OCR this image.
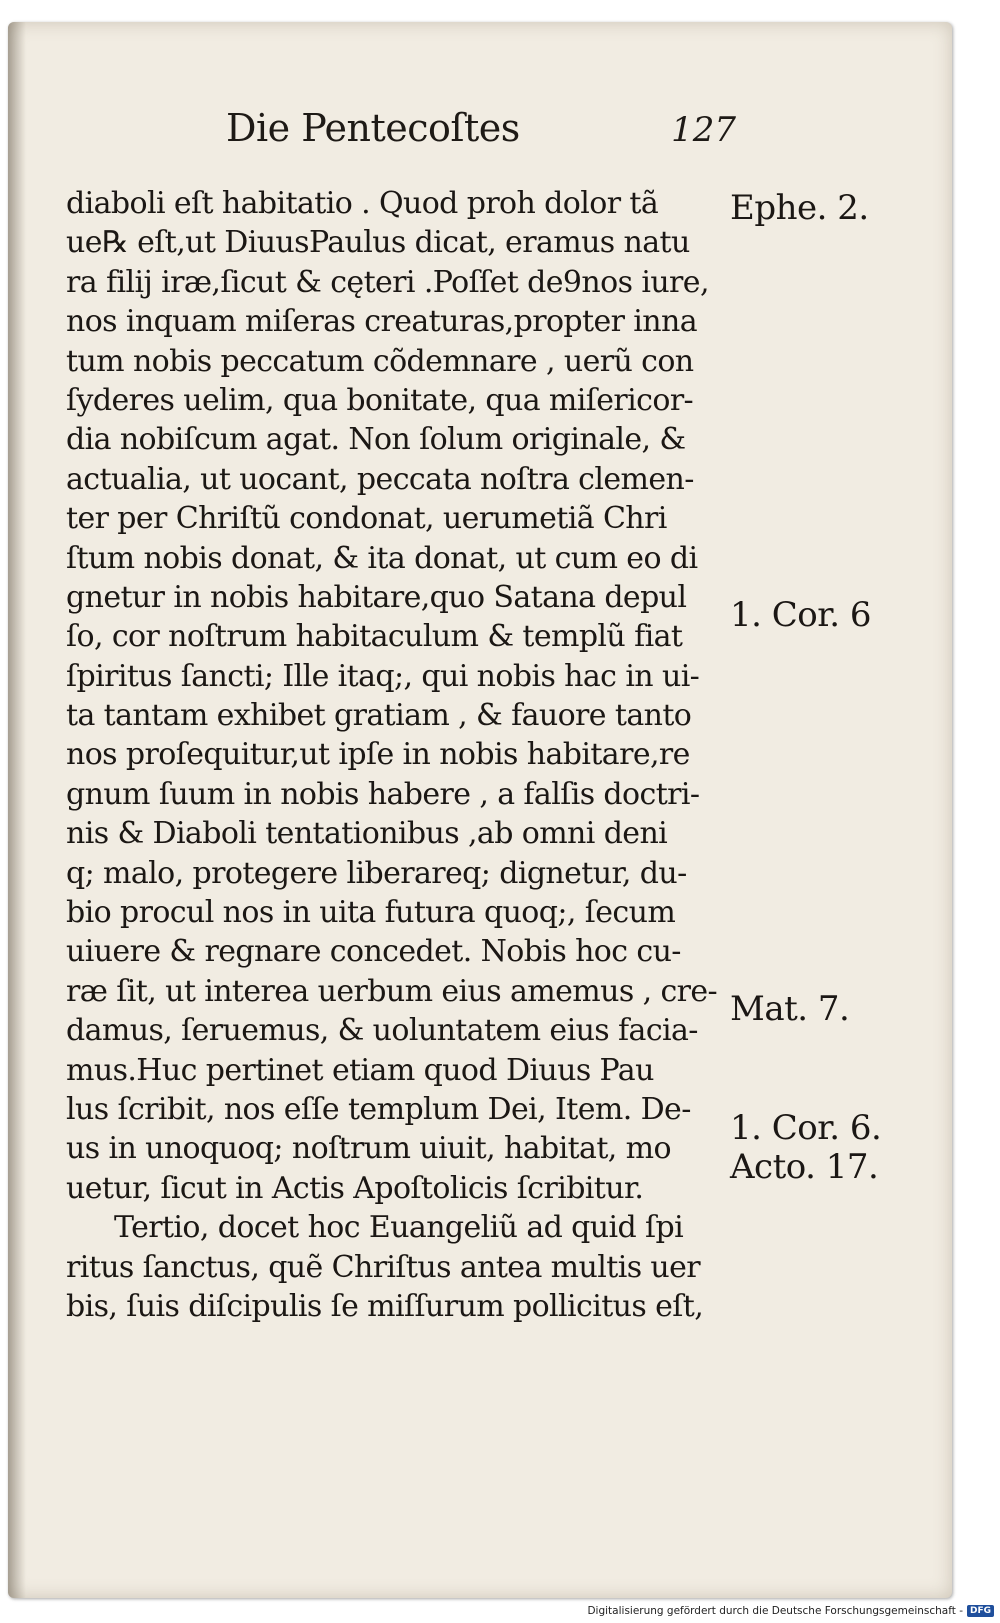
Die Pentecoſtes	127
diaboli eſt habitatio . Quod proh dolor tã
ue℞ eſt,ut DiuusPaulus dicat, eramus natu
ra filij iræ,ſicut & cęteri .Poſſet de9nos iure,
nos inquam miſeras creaturas,propter inna
tum nobis peccatum cõdemnare , uerũ con
ſyderes uelim, qua bonitate, qua miſericor‐
dia nobiſcum agat. Non ſolum originale, &
actualia, ut uocant, peccata noſtra clemen‐
ter per Chriſtũ condonat, uerumetiã Chri
ſtum nobis donat, & ita donat, ut cum eo di
gnetur in nobis habitare,quo Satana depul
ſo, cor noſtrum habitaculum & templũ fiat
ſpiritus ſancti; Ille itaq;, qui nobis hac in ui‐
ta tantam exhibet gratiam , & fauore tanto
nos proſequitur,ut ipſe in nobis habitare,re
gnum ſuum in nobis habere , a falſis doctri‐
nis & Diaboli tentationibus ,ab omni deni
q; malo, protegere liberareq; dignetur, du‐
bio procul nos in uita futura quoq;, ſecum
uiuere & regnare concedet. Nobis hoc cu‐
ræ ſit, ut interea uerbum eius amemus , cre‐
damus, ſeruemus, & uoluntatem eius facia‐
mus.Huc pertinet etiam quod Diuus Pau
lus ſcribit, nos eſſe templum Dei, Item. De‐
us in unoquoq; noſtrum uiuit, habitat, mo
uetur, ſicut in Actis Apoſtolicis ſcribitur.
Tertio, docet hoc Euangeliũ ad quid ſpi
ritus ſanctus, quẽ Chriſtus antea multis uer
bis, ſuis diſcipulis ſe miſſurum pollicitus eſt,
Ephe. 2.
1. Cor. 6
Mat. 7.
1. Cor. 6.
Acto. 17.
Digitalisierung gefördert durch die Deutsche Forschungsgemeinschaft - DFG
